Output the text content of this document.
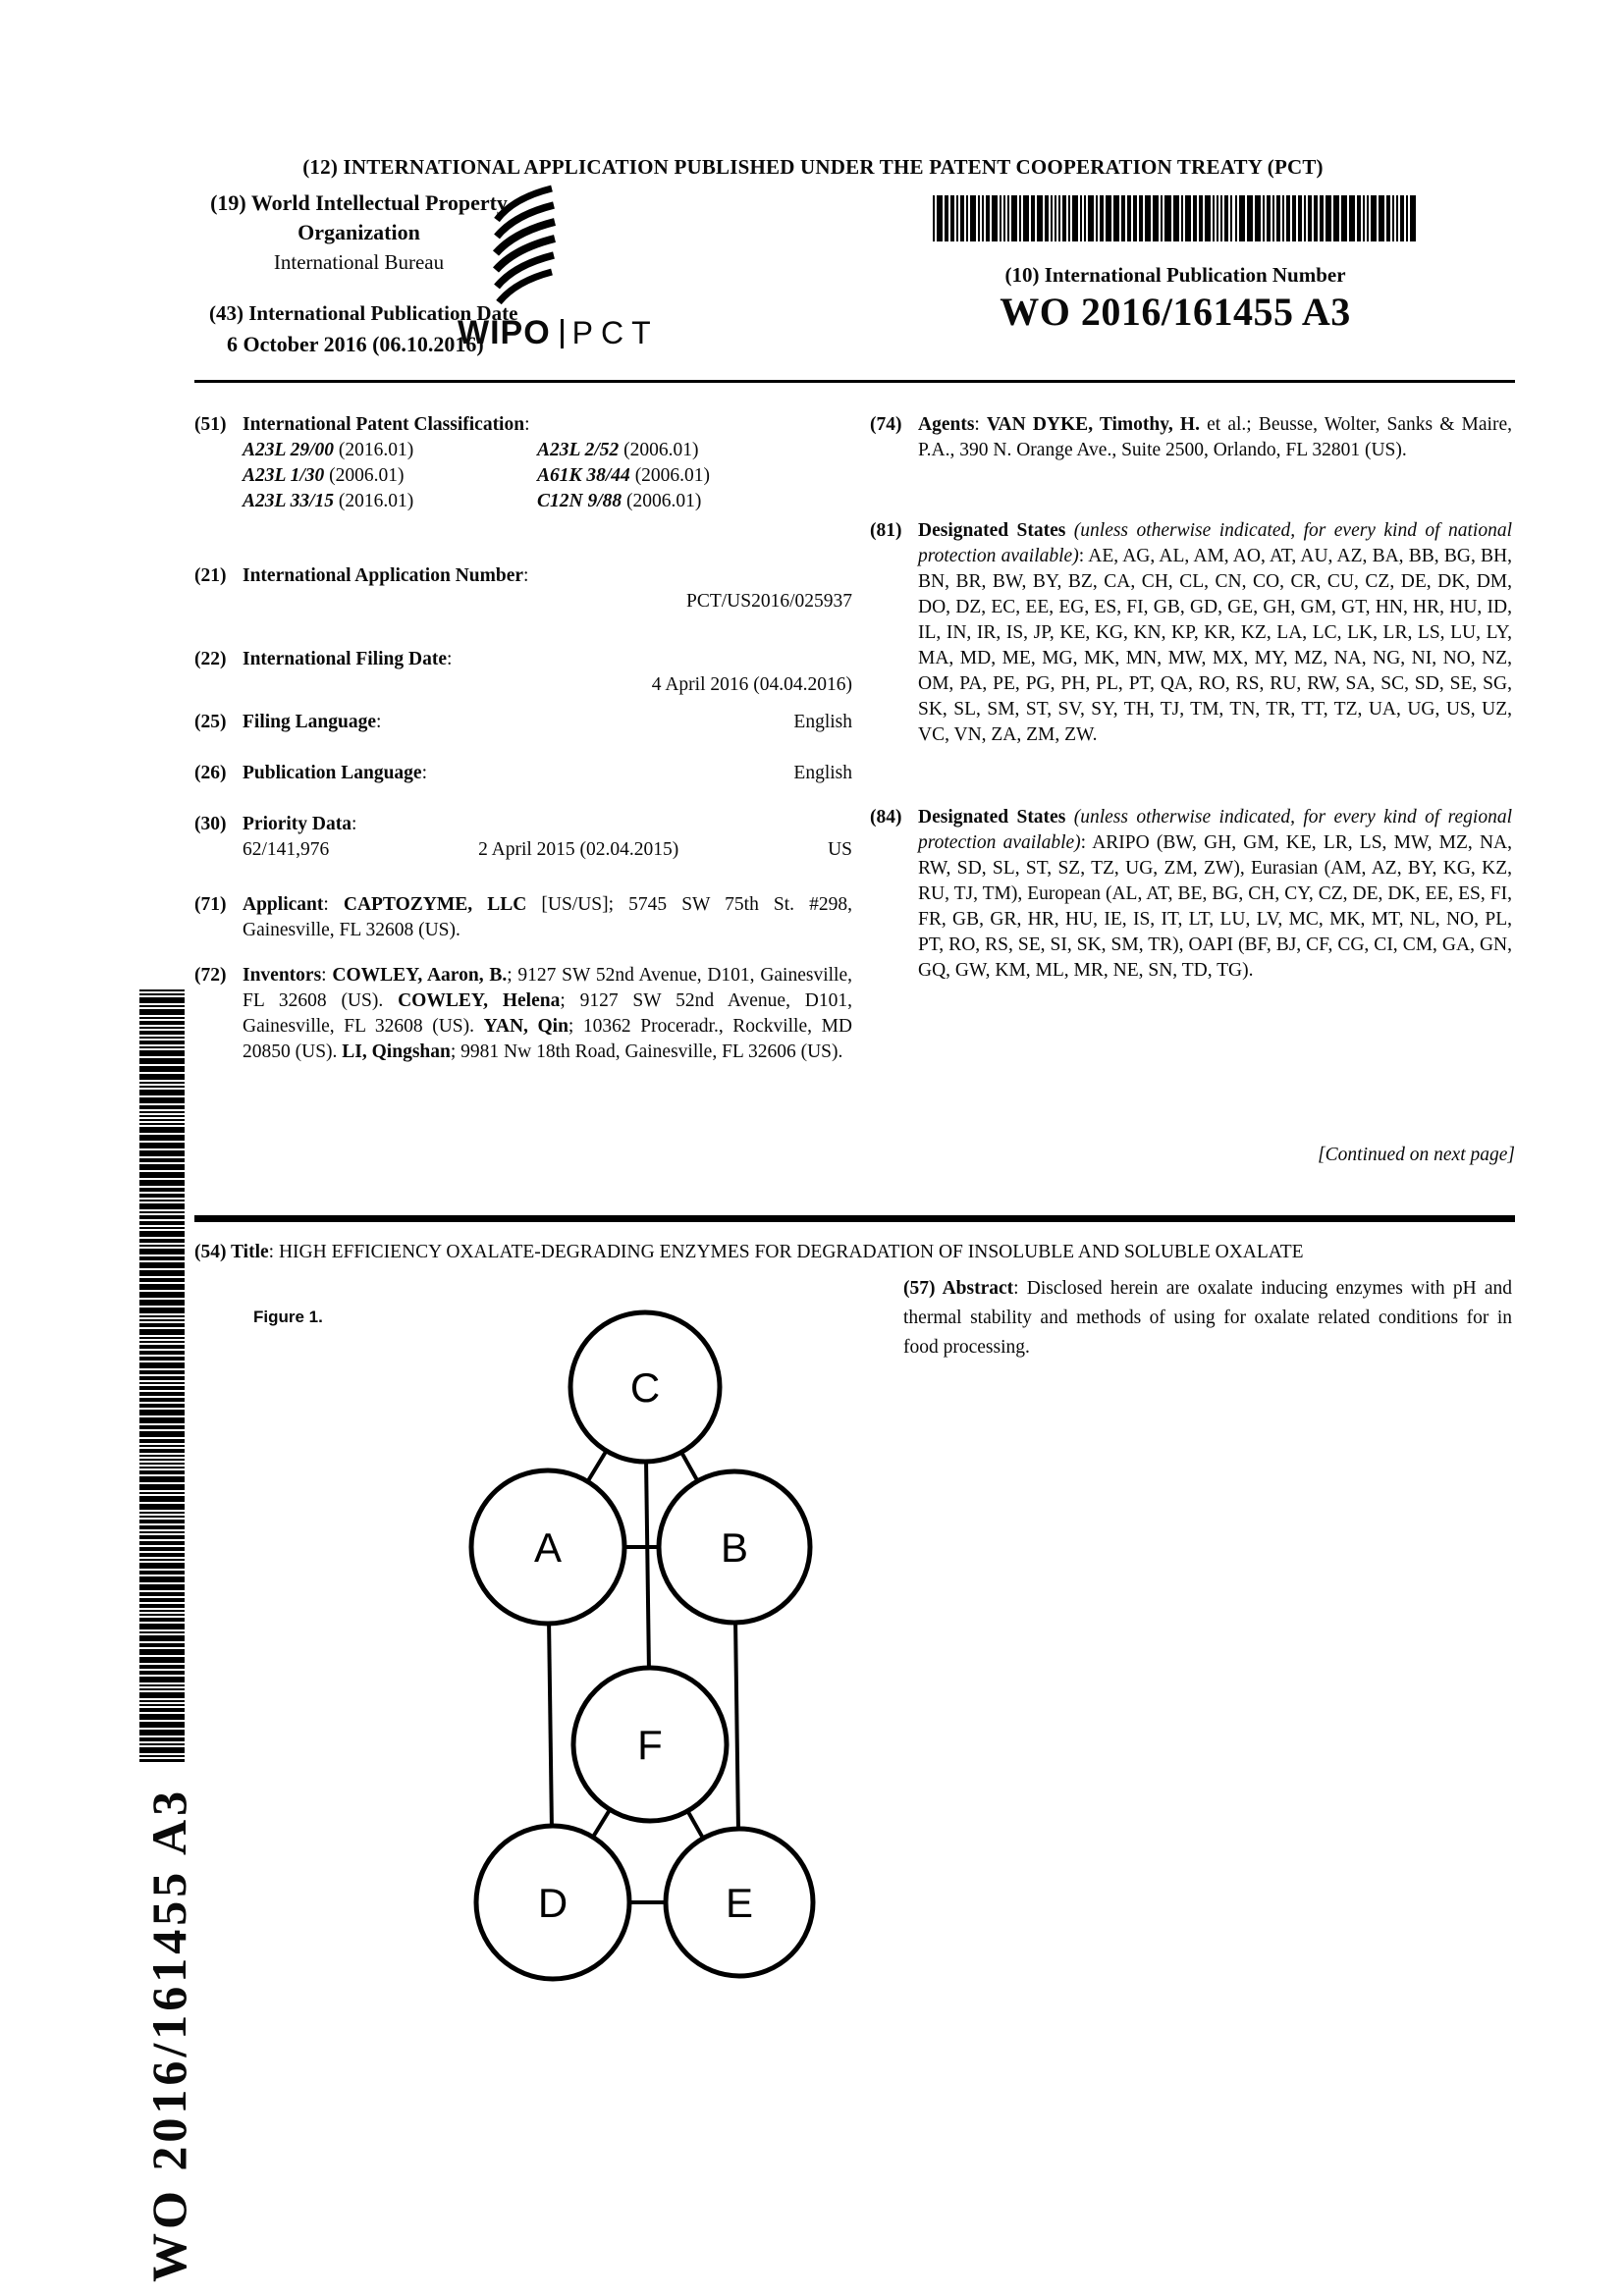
WO 2016/161455 A3
(12) INTERNATIONAL APPLICATION PUBLISHED UNDER THE PATENT COOPERATION TREATY (PCT)
(19) World Intellectual Property
Organization
International Bureau
(43) International Publication Date
6 October 2016 (06.10.2016)
WIPO PCT
(10) International Publication Number
WO 2016/161455 A3
(51) International Patent Classification:
A23L 29/00 (2016.01)	A23L 2/52 (2006.01)
A23L 1/30 (2006.01)	A61K 38/44 (2006.01)
A23L 33/15 (2016.01)	C12N 9/88 (2006.01)
(21) International Application Number:
PCT/US2016/025937
(22) International Filing Date:
4 April 2016 (04.04.2016)
(25) Filing Language:	English
(26) Publication Language:	English
(30) Priority Data:
62/141,976	2 April 2015 (02.04.2015)	US
(71) Applicant: CAPTOZYME, LLC [US/US]; 5745 SW 75th St. #298, Gainesville, FL 32608 (US).
(72) Inventors: COWLEY, Aaron, B.; 9127 SW 52nd Avenue, D101, Gainesville, FL 32608 (US). COWLEY, Helena; 9127 SW 52nd Avenue, D101, Gainesville, FL 32608 (US). YAN, Qin; 10362 Proceradr., Rockville, MD 20850 (US). LI, Qingshan; 9981 Nw 18th Road, Gainesville, FL 32606 (US).
(74) Agents: VAN DYKE, Timothy, H. et al.; Beusse, Wolter, Sanks & Maire, P.A., 390 N. Orange Ave., Suite 2500, Orlando, FL 32801 (US).
(81) Designated States (unless otherwise indicated, for every kind of national protection available): AE, AG, AL, AM, AO, AT, AU, AZ, BA, BB, BG, BH, BN, BR, BW, BY, BZ, CA, CH, CL, CN, CO, CR, CU, CZ, DE, DK, DM, DO, DZ, EC, EE, EG, ES, FI, GB, GD, GE, GH, GM, GT, HN, HR, HU, ID, IL, IN, IR, IS, JP, KE, KG, KN, KP, KR, KZ, LA, LC, LK, LR, LS, LU, LY, MA, MD, ME, MG, MK, MN, MW, MX, MY, MZ, NA, NG, NI, NO, NZ, OM, PA, PE, PG, PH, PL, PT, QA, RO, RS, RU, RW, SA, SC, SD, SE, SG, SK, SL, SM, ST, SV, SY, TH, TJ, TM, TN, TR, TT, TZ, UA, UG, US, UZ, VC, VN, ZA, ZM, ZW.
(84) Designated States (unless otherwise indicated, for every kind of regional protection available): ARIPO (BW, GH, GM, KE, LR, LS, MW, MZ, NA, RW, SD, SL, ST, SZ, TZ, UG, ZM, ZW), Eurasian (AM, AZ, BY, KG, KZ, RU, TJ, TM), European (AL, AT, BE, BG, CH, CY, CZ, DE, DK, EE, ES, FI, FR, GB, GR, HR, HU, IE, IS, IT, LT, LU, LV, MC, MK, MT, NL, NO, PL, PT, RO, RS, SE, SI, SK, SM, TR), OAPI (BF, BJ, CF, CG, CI, CM, GA, GN, GQ, GW, KM, ML, MR, NE, SN, TD, TG).
[Continued on next page]
(54) Title: HIGH EFFICIENCY OXALATE-DEGRADING ENZYMES FOR DEGRADATION OF INSOLUBLE AND SOLUBLE OXALATE
Figure 1.
C
A	B
F
D	E
(57) Abstract: Disclosed herein are oxalate inducing enzymes with pH and thermal stability and methods of using for oxalate related conditions for in food processing.
